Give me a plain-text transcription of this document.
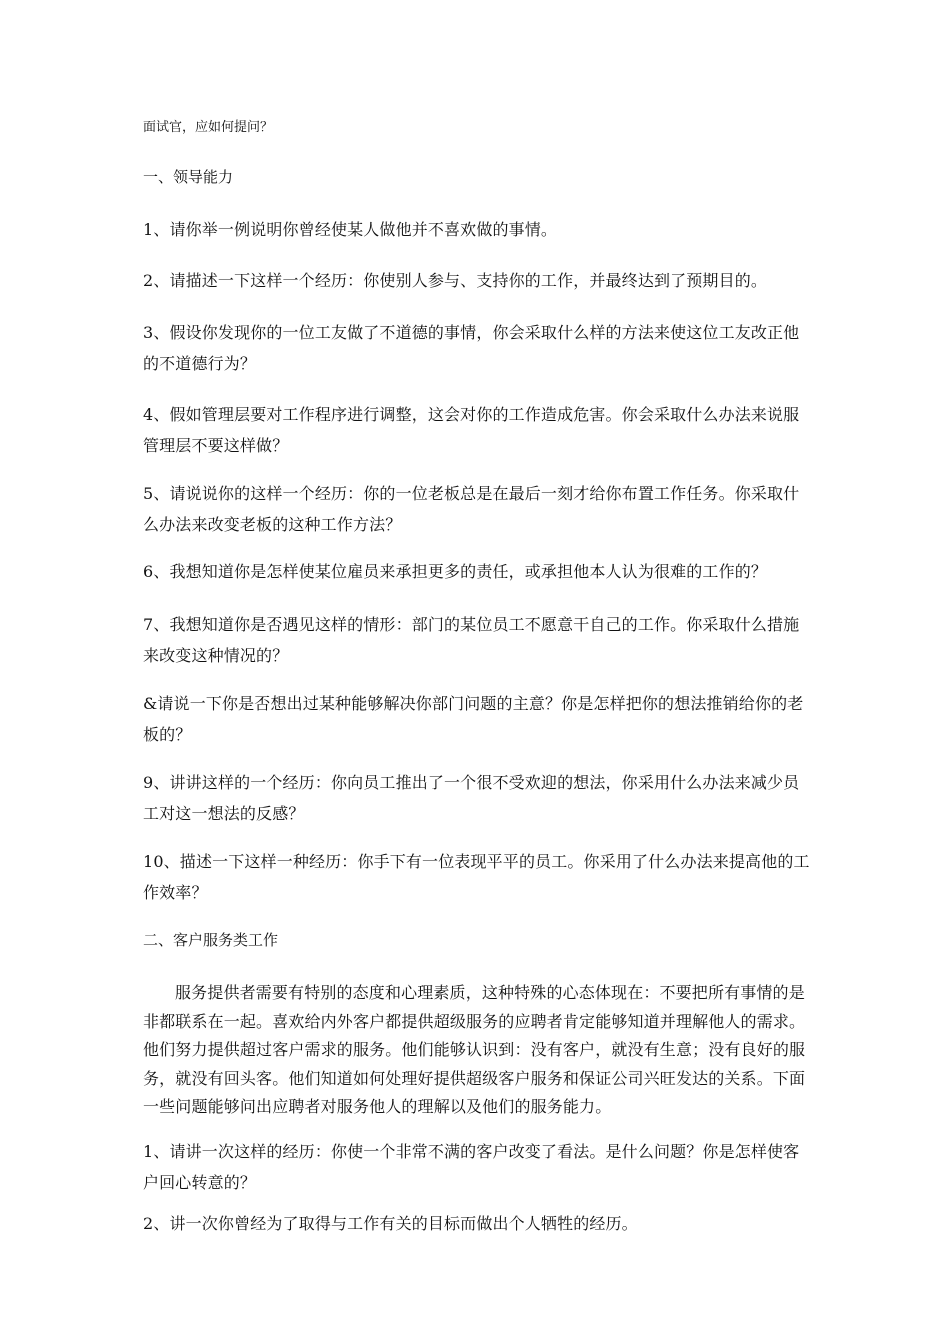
面试官，应如何提问？
一、领导能力
1、请你举一例说明你曾经使某人做他并不喜欢做的事情。
2、请描述一下这样一个经历：你使别人参与、支持你的工作，并最终达到了预期目的。
3、假设你发现你的一位工友做了不道德的事情，你会采取什么样的方法来使这位工友改正他的不道德行为？
4、假如管理层要对工作程序进行调整，这会对你的工作造成危害。你会采取什么办法来说服管理层不要这样做？
5、请说说你的这样一个经历：你的一位老板总是在最后一刻才给你布置工作任务。你采取什么办法来改变老板的这种工作方法？
6、我想知道你是怎样使某位雇员来承担更多的责任，或承担他本人认为很难的工作的？
7、我想知道你是否遇见这样的情形：部门的某位员工不愿意干自己的工作。你采取什么措施来改变这种情况的？
&请说一下你是否想出过某种能够解决你部门问题的主意？你是怎样把你的想法推销给你的老板的？
9、讲讲这样的一个经历：你向员工推出了一个很不受欢迎的想法，你采用什么办法来减少员工对这一想法的反感？
10、描述一下这样一种经历：你手下有一位表现平平的员工。你采用了什么办法来提高他的工作效率？
二、客户服务类工作
服务提供者需要有特别的态度和心理素质，这种特殊的心态体现在：不要把所有事情的是非都联系在一起。喜欢给内外客户都提供超级服务的应聘者肯定能够知道并理解他人的需求。他们努力提供超过客户需求的服务。他们能够认识到：没有客户，就没有生意；没有良好的服务，就没有回头客。他们知道如何处理好提供超级客户服务和保证公司兴旺发达的关系。下面一些问题能够问出应聘者对服务他人的理解以及他们的服务能力。
1、请讲一次这样的经历：你使一个非常不满的客户改变了看法。是什么问题？你是怎样使客户回心转意的？
2、讲一次你曾经为了取得与工作有关的目标而做出个人牺牲的经历。
